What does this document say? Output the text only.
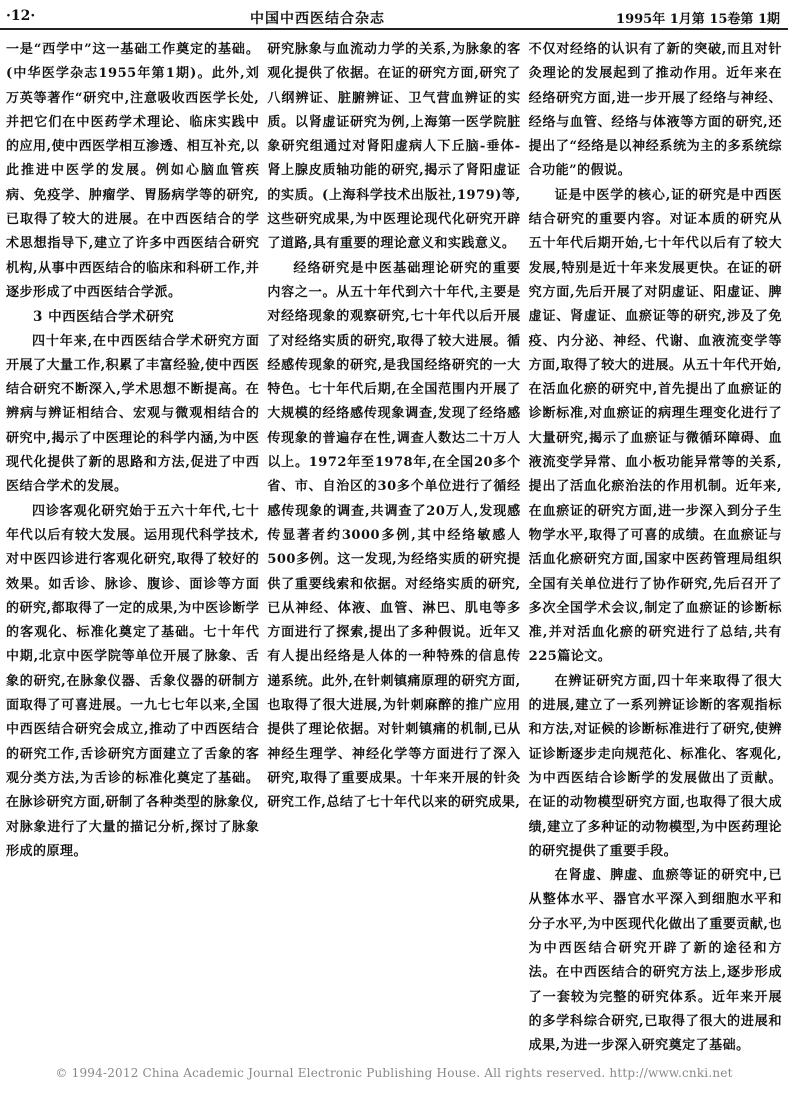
·12·	中国中西医结合杂志	1995年 1月第 15卷第 1期

一是“西学中”这一基础工作奠定的基础。(中华医学杂志1955年第1期)。此外,刘万英等著作“研究中,注意吸收西医学长处,并把它们在中医药学术理论、临床实践中的应用,使中西医学相互渗透、相互补充,以此推进中医学的发展。例如心脑血管疾病、免疫学、肿瘤学、胃肠病学等的研究,已取得了较大的进展。在中西医结合的学术思想指导下,建立了许多中西医结合研究机构,从事中西医结合的临床和科研工作,并逐步形成了中西医结合学派。

3 中西医结合学术研究

四十年来,在中西医结合学术研究方面开展了大量工作,积累了丰富经验,使中西医结合研究不断深入,学术思想不断提高。在辨病与辨证相结合、宏观与微观相结合的研究中,揭示了中医理论的科学内涵,为中医现代化提供了新的思路和方法,促进了中西医结合学术的发展。

四诊客观化研究始于五六十年代,七十年代以后有较大发展。运用现代科学技术,对中医四诊进行客观化研究,取得了较好的效果。如舌诊、脉诊、腹诊、面诊等方面的研究,都取得了一定的成果,为中医诊断学的客观化、标准化奠定了基础。七十年代中期,北京中医学院等单位开展了脉象、舌象的研究,在脉象仪器、舌象仪器的研制方面取得了可喜进展。一九七七年以来,全国中西医结合研究会成立,推动了中西医结合的研究工作,舌诊研究方面建立了舌象的客观分类方法,为舌诊的标准化奠定了基础。在脉诊研究方面,研制了各种类型的脉象仪,对脉象进行了大量的描记分析,探讨了脉象形成的原理。

研究脉象与血流动力学的关系,为脉象的客观化提供了依据。在证的研究方面,研究了八纲辨证、脏腑辨证、卫气营血辨证的实质。以肾虚证研究为例,上海第一医学院脏象研究组通过对肾阳虚病人下丘脑-垂体-肾上腺皮质轴功能的研究,揭示了肾阳虚证的实质。(上海科学技术出版社,1979)等,这些研究成果,为中医理论现代化研究开辟了道路,具有重要的理论意义和实践意义。

经络研究是中医基础理论研究的重要内容之一。从五十年代到六十年代,主要是对经络现象的观察研究,七十年代以后开展了对经络实质的研究,取得了较大进展。循经感传现象的研究,是我国经络研究的一大特色。七十年代后期,在全国范围内开展了大规模的经络感传现象调查,发现了经络感传现象的普遍存在性,调查人数达二十万人以上。1972年至1978年,在全国20多个省、市、自治区的30多个单位进行了循经感传现象的调查,共调查了20万人,发现感传显著者约3000多例,其中经络敏感人500多例。这一发现,为经络实质的研究提供了重要线索和依据。对经络实质的研究,已从神经、体液、血管、淋巴、肌电等多方面进行了探索,提出了多种假说。近年又有人提出经络是人体的一种特殊的信息传递系统。此外,在针刺镇痛原理的研究方面,也取得了很大进展,为针刺麻醉的推广应用提供了理论依据。对针刺镇痛的机制,已从神经生理学、神经化学等方面进行了深入研究,取得了重要成果。十年来开展的针灸研究工作,总结了七十年代以来的研究成果,

不仅对经络的认识有了新的突破,而且对针灸理论的发展起到了推动作用。近年来在经络研究方面,进一步开展了经络与神经、经络与血管、经络与体液等方面的研究,还提出了“经络是以神经系统为主的多系统综合功能”的假说。

证是中医学的核心,证的研究是中西医结合研究的重要内容。对证本质的研究从五十年代后期开始,七十年代以后有了较大发展,特别是近十年来发展更快。在证的研究方面,先后开展了对阴虚证、阳虚证、脾虚证、肾虚证、血瘀证等的研究,涉及了免疫、内分泌、神经、代谢、血液流变学等方面,取得了较大的进展。从五十年代开始,在活血化瘀的研究中,首先提出了血瘀证的诊断标准,对血瘀证的病理生理变化进行了大量研究,揭示了血瘀证与微循环障碍、血液流变学异常、血小板功能异常等的关系,提出了活血化瘀治法的作用机制。近年来,在血瘀证的研究方面,进一步深入到分子生物学水平,取得了可喜的成绩。在血瘀证与活血化瘀研究方面,国家中医药管理局组织全国有关单位进行了协作研究,先后召开了多次全国学术会议,制定了血瘀证的诊断标准,并对活血化瘀的研究进行了总结,共有225篇论文。

在辨证研究方面,四十年来取得了很大的进展,建立了一系列辨证诊断的客观指标和方法,对证候的诊断标准进行了研究,使辨证诊断逐步走向规范化、标准化、客观化,为中西医结合诊断学的发展做出了贡献。在证的动物模型研究方面,也取得了很大成绩,建立了多种证的动物模型,为中医药理论的研究提供了重要手段。

在肾虚、脾虚、血瘀等证的研究中,已从整体水平、器官水平深入到细胞水平和分子水平,为中医现代化做出了重要贡献,也为中西医结合研究开辟了新的途径和方法。在中西医结合的研究方法上,逐步形成了一套较为完整的研究体系。近年来开展的多学科综合研究,已取得了很大的进展和成果,为进一步深入研究奠定了基础。

© 1994-2012 China Academic Journal Electronic Publishing House. All rights reserved. http://www.cnki.net
